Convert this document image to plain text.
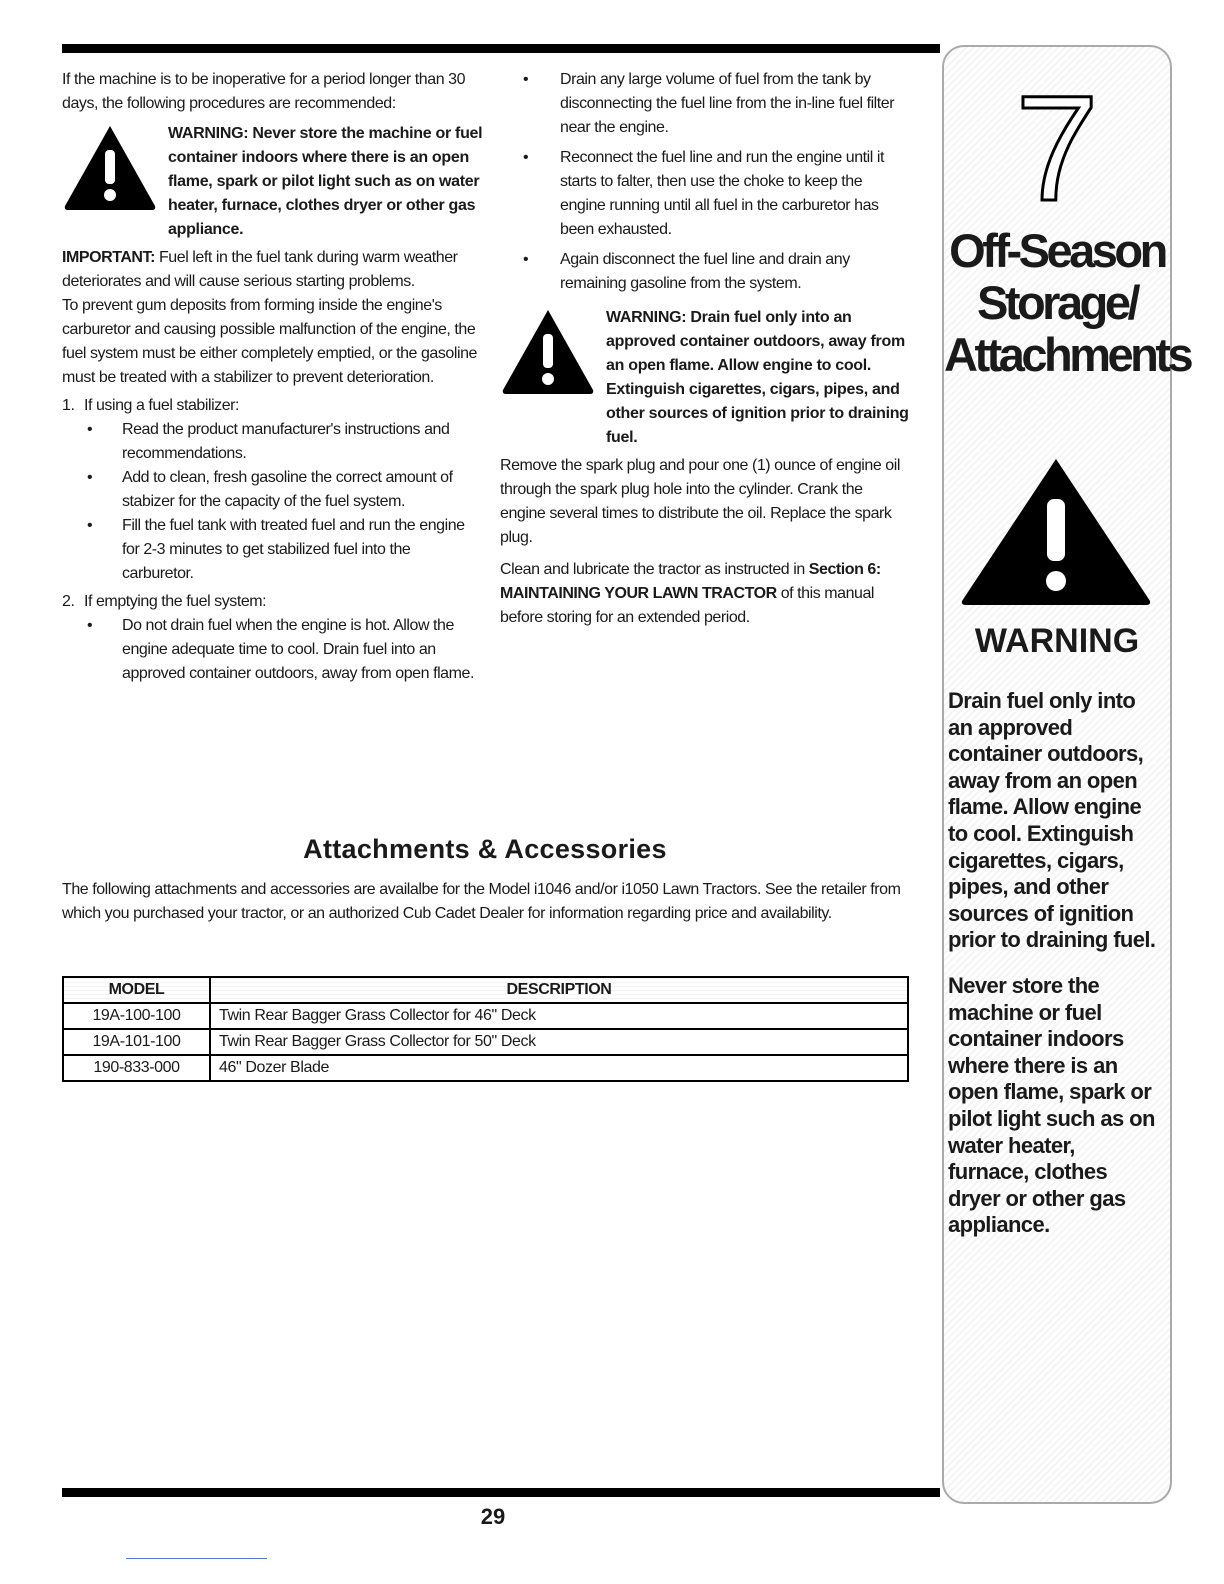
If the machine is to be inoperative for a period longer than 30 days, the following procedures are recommended:

WARNING: Never store the machine or fuel container indoors where there is an open flame, spark or pilot light such as on water heater, furnace, clothes dryer or other gas appliance.

IMPORTANT: Fuel left in the fuel tank during warm weather deteriorates and will cause serious starting problems.

To prevent gum deposits from forming inside the engine's carburetor and causing possible malfunction of the engine, the fuel system must be either completely emptied, or the gasoline must be treated with a stabilizer to prevent deterioration.

1. If using a fuel stabilizer:
• Read the product manufacturer's instructions and recommendations.
• Add to clean, fresh gasoline the correct amount of stabizer for the capacity of the fuel system.
• Fill the fuel tank with treated fuel and run the engine for 2-3 minutes to get stabilized fuel into the carburetor.
2. If emptying the fuel system:
• Do not drain fuel when the engine is hot. Allow the engine adequate time to cool. Drain fuel into an approved container outdoors, away from open flame.
• Drain any large volume of fuel from the tank by disconnecting the fuel line from the in-line fuel filter near the engine.
• Reconnect the fuel line and run the engine until it starts to falter, then use the choke to keep the engine running until all fuel in the carburetor has been exhausted.
• Again disconnect the fuel line and drain any remaining gasoline from the system.
WARNING: Drain fuel only into an approved container outdoors, away from an open flame. Allow engine to cool. Extinguish cigarettes, cigars, pipes, and other sources of ignition prior to draining fuel.

Remove the spark plug and pour one (1) ounce of engine oil through the spark plug hole into the cylinder. Crank the engine several times to distribute the oil. Replace the spark plug.

Clean and lubricate the tractor as instructed in Section 6: MAINTAINING YOUR LAWN TRACTOR of this manual before storing for an extended period.

Attachments & Accessories
The following attachments and accessories are availalbe for the Model i1046 and/or i1050 Lawn Tractors. See the retailer from which you purchased your tractor, or an authorized Cub Cadet Dealer for information regarding price and availability.
MODEL	DESCRIPTION
19A-100-100	Twin Rear Bagger Grass Collector for 46" Deck
19A-101-100	Twin Rear Bagger Grass Collector for 50" Deck
190-833-000	46" Dozer Blade
7
Off-Season
Storage/
Attachments
WARNING
Drain fuel only into an approved container outdoors, away from an open flame. Allow engine to cool. Extinguish cigarettes, cigars, pipes, and other sources of ignition prior to draining fuel.
Never store the machine or fuel container indoors where there is an open flame, spark or pilot light such as on water heater, furnace, clothes dryer or other gas appliance.
29
